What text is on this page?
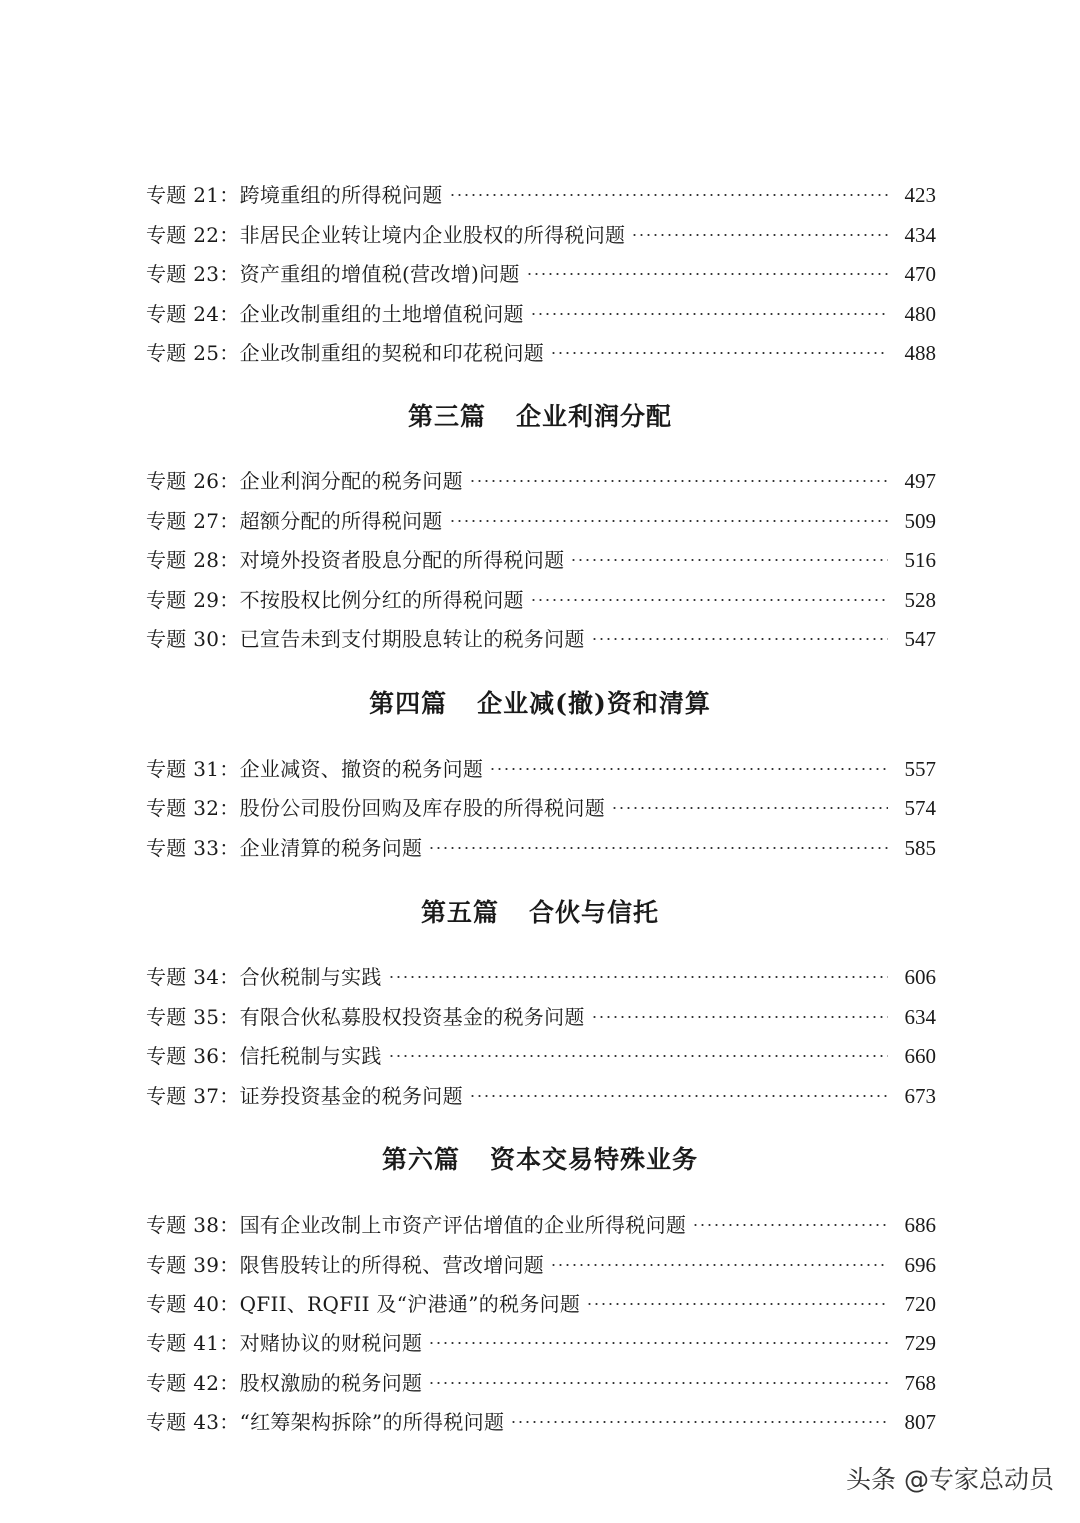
专题 21：跨境重组的所得税问题	423
专题 22：非居民企业转让境内企业股权的所得税问题	434
专题 23：资产重组的增值税(营改增)问题	470
专题 24：企业改制重组的土地增值税问题	480
专题 25：企业改制重组的契税和印花税问题	488
第三篇 企业利润分配
专题 26：企业利润分配的税务问题	497
专题 27：超额分配的所得税问题	509
专题 28：对境外投资者股息分配的所得税问题	516
专题 29：不按股权比例分红的所得税问题	528
专题 30：已宣告未到支付期股息转让的税务问题	547
第四篇 企业减(撤)资和清算
专题 31：企业减资、撤资的税务问题	557
专题 32：股份公司股份回购及库存股的所得税问题	574
专题 33：企业清算的税务问题	585
第五篇 合伙与信托
专题 34：合伙税制与实践	606
专题 35：有限合伙私募股权投资基金的税务问题	634
专题 36：信托税制与实践	660
专题 37：证券投资基金的税务问题	673
第六篇 资本交易特殊业务
专题 38：国有企业改制上市资产评估增值的企业所得税问题	686
专题 39：限售股转让的所得税、营改增问题	696
专题 40：QFII、RQFII 及“沪港通”的税务问题	720
专题 41：对赌协议的财税问题	729
专题 42：股权激励的税务问题	768
专题 43：“红筹架构拆除”的所得税问题	807
头条 @专家总动员
